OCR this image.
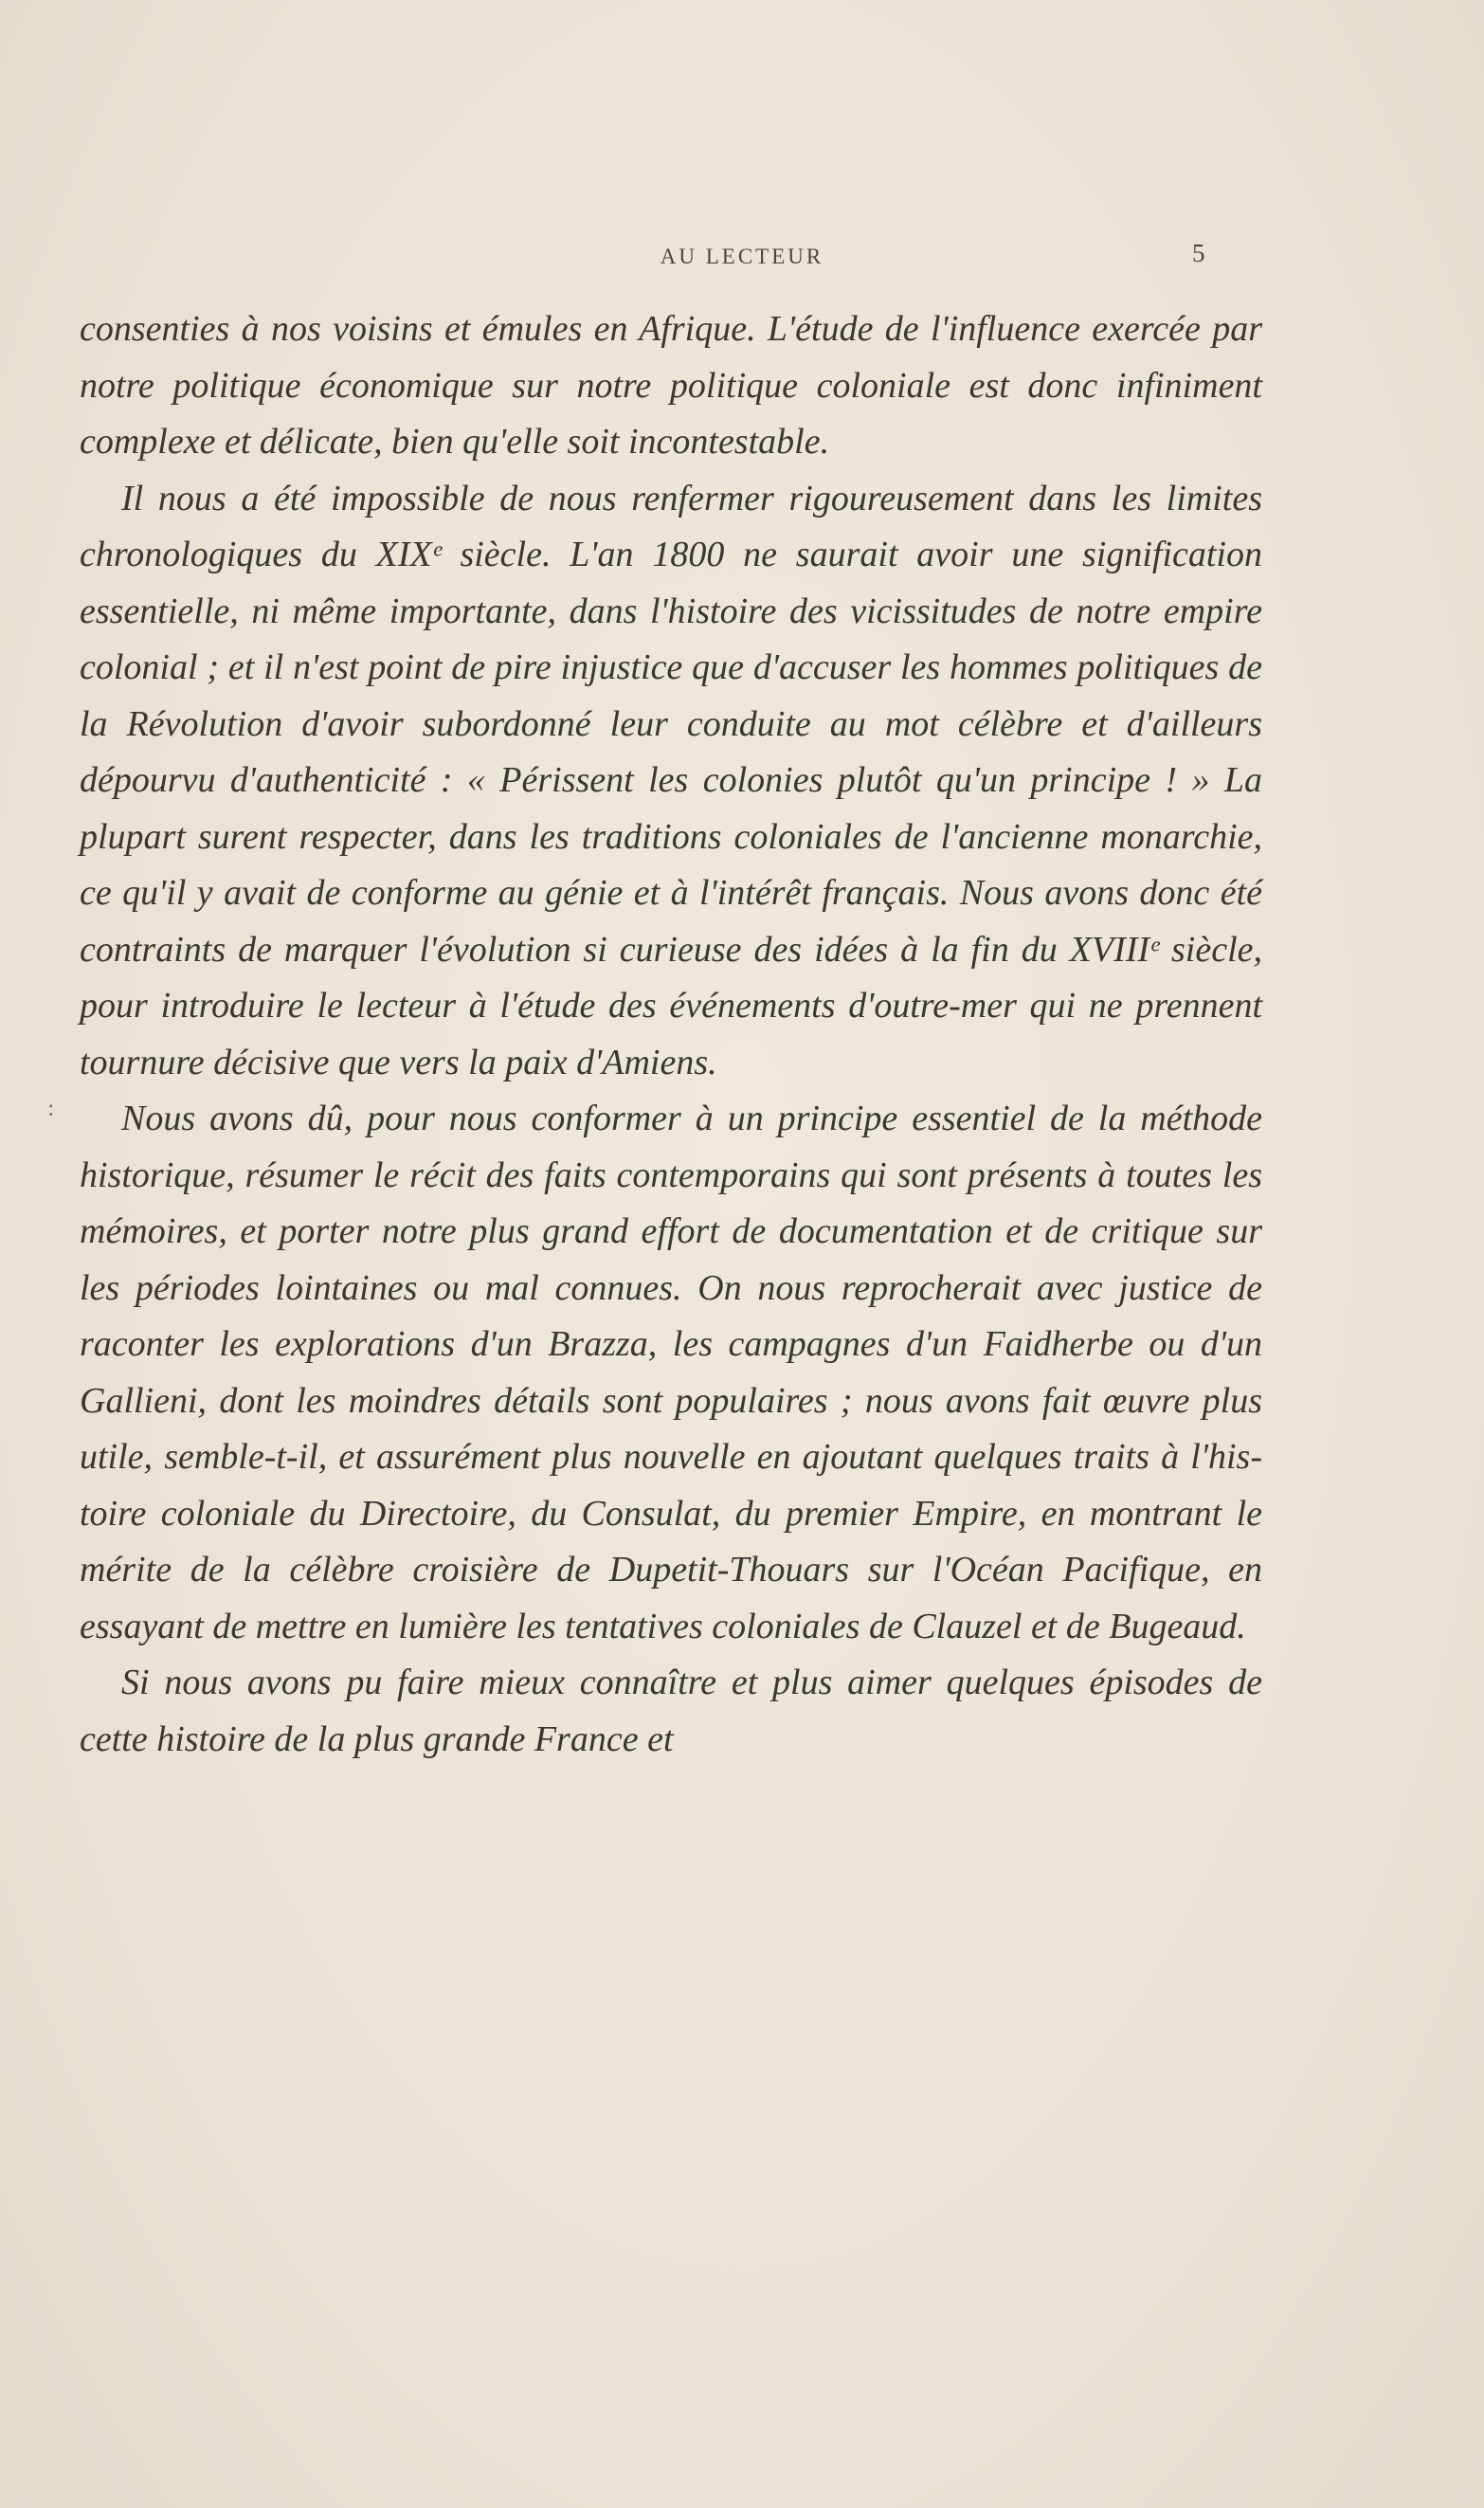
AU LECTEUR	5

consenties à nos voisins et émules en Afrique. L'étude de l'influence exercée par notre politique économique sur notre politique coloniale est donc infiniment complexe et délicate, bien qu'elle soit incontestable.

Il nous a été impossible de nous renfermer rigoureusement dans les limites chronologiques du XIXᵉ siècle. L'an 1800 ne saurait avoir une signification essentielle, ni même importante, dans l'histoire des vicissitudes de notre empire colonial ; et il n'est point de pire injustice que d'accuser les hommes politiques de la Révolution d'avoir subordonné leur conduite au mot célèbre et d'ailleurs dépourvu d'authenticité : « Périssent les colonies plutôt qu'un principe ! » La plupart surent respecter, dans les traditions coloniales de l'ancienne monarchie, ce qu'il y avait de conforme au génie et à l'intérêt français. Nous avons donc été contraints de marquer l'évolution si curieuse des idées à la fin du XVIIIᵉ siècle, pour introduire le lecteur à l'étude des événements d'outre-mer qui ne prennent tournure décisive que vers la paix d'Amiens.

Nous avons dû, pour nous conformer à un principe essentiel de la méthode historique, résumer le récit des faits contemporains qui sont présents à toutes les mémoires, et porter notre plus grand effort de documentation et de critique sur les périodes lointaines ou mal connues. On nous reprocherait avec justice de raconter les explorations d'un Brazza, les campagnes d'un Faidherbe ou d'un Gallieni, dont les moindres détails sont populaires ; nous avons fait œuvre plus utile, semble-t-il, et assurément plus nouvelle en ajoutant quelques traits à l'histoire coloniale du Directoire, du Consulat, du premier Empire, en montrant le mérite de la célèbre croisière de Dupetit-Thouars sur l'Océan Pacifique, en essayant de mettre en lumière les tentatives coloniales de Clauzel et de Bugeaud.

Si nous avons pu faire mieux connaître et plus aimer quelques épisodes de cette histoire de la plus grande France et

:
